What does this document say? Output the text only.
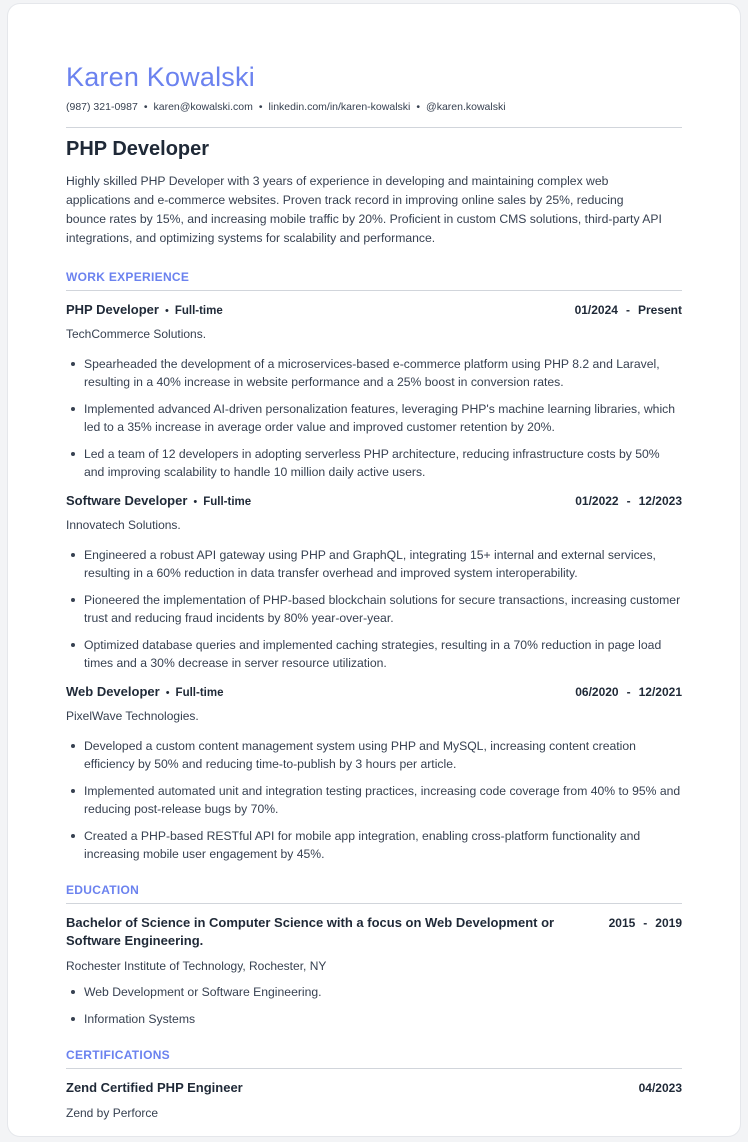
Karen Kowalski
(987) 321-0987 • karen@kowalski.com • linkedin.com/in/karen-kowalski • @karen.kowalski
PHP Developer

Highly skilled PHP Developer with 3 years of experience in developing and maintaining complex web applications and e-commerce websites. Proven track record in improving online sales by 25%, reducing bounce rates by 15%, and increasing mobile traffic by 20%. Proficient in custom CMS solutions, third-party API integrations, and optimizing systems for scalability and performance.

WORK EXPERIENCE
PHP Developer • Full-time	01/2024 - Present
TechCommerce Solutions.
Spearheaded the development of a microservices-based e-commerce platform using PHP 8.2 and Laravel, resulting in a 40% increase in website performance and a 25% boost in conversion rates.
Implemented advanced AI-driven personalization features, leveraging PHP's machine learning libraries, which led to a 35% increase in average order value and improved customer retention by 20%.
Led a team of 12 developers in adopting serverless PHP architecture, reducing infrastructure costs by 50% and improving scalability to handle 10 million daily active users.
Software Developer • Full-time	01/2022 - 12/2023
Innovatech Solutions.
Engineered a robust API gateway using PHP and GraphQL, integrating 15+ internal and external services, resulting in a 60% reduction in data transfer overhead and improved system interoperability.
Pioneered the implementation of PHP-based blockchain solutions for secure transactions, increasing customer trust and reducing fraud incidents by 80% year-over-year.
Optimized database queries and implemented caching strategies, resulting in a 70% reduction in page load times and a 30% decrease in server resource utilization.
Web Developer • Full-time	06/2020 - 12/2021
PixelWave Technologies.
Developed a custom content management system using PHP and MySQL, increasing content creation efficiency by 50% and reducing time-to-publish by 3 hours per article.
Implemented automated unit and integration testing practices, increasing code coverage from 40% to 95% and reducing post-release bugs by 70%.
Created a PHP-based RESTful API for mobile app integration, enabling cross-platform functionality and increasing mobile user engagement by 45%.
EDUCATION
Bachelor of Science in Computer Science with a focus on Web Development or Software Engineering.
2015 - 2019
Rochester Institute of Technology, Rochester, NY
Web Development or Software Engineering.
Information Systems
CERTIFICATIONS
Zend Certified PHP Engineer	04/2023
Zend by Perforce
